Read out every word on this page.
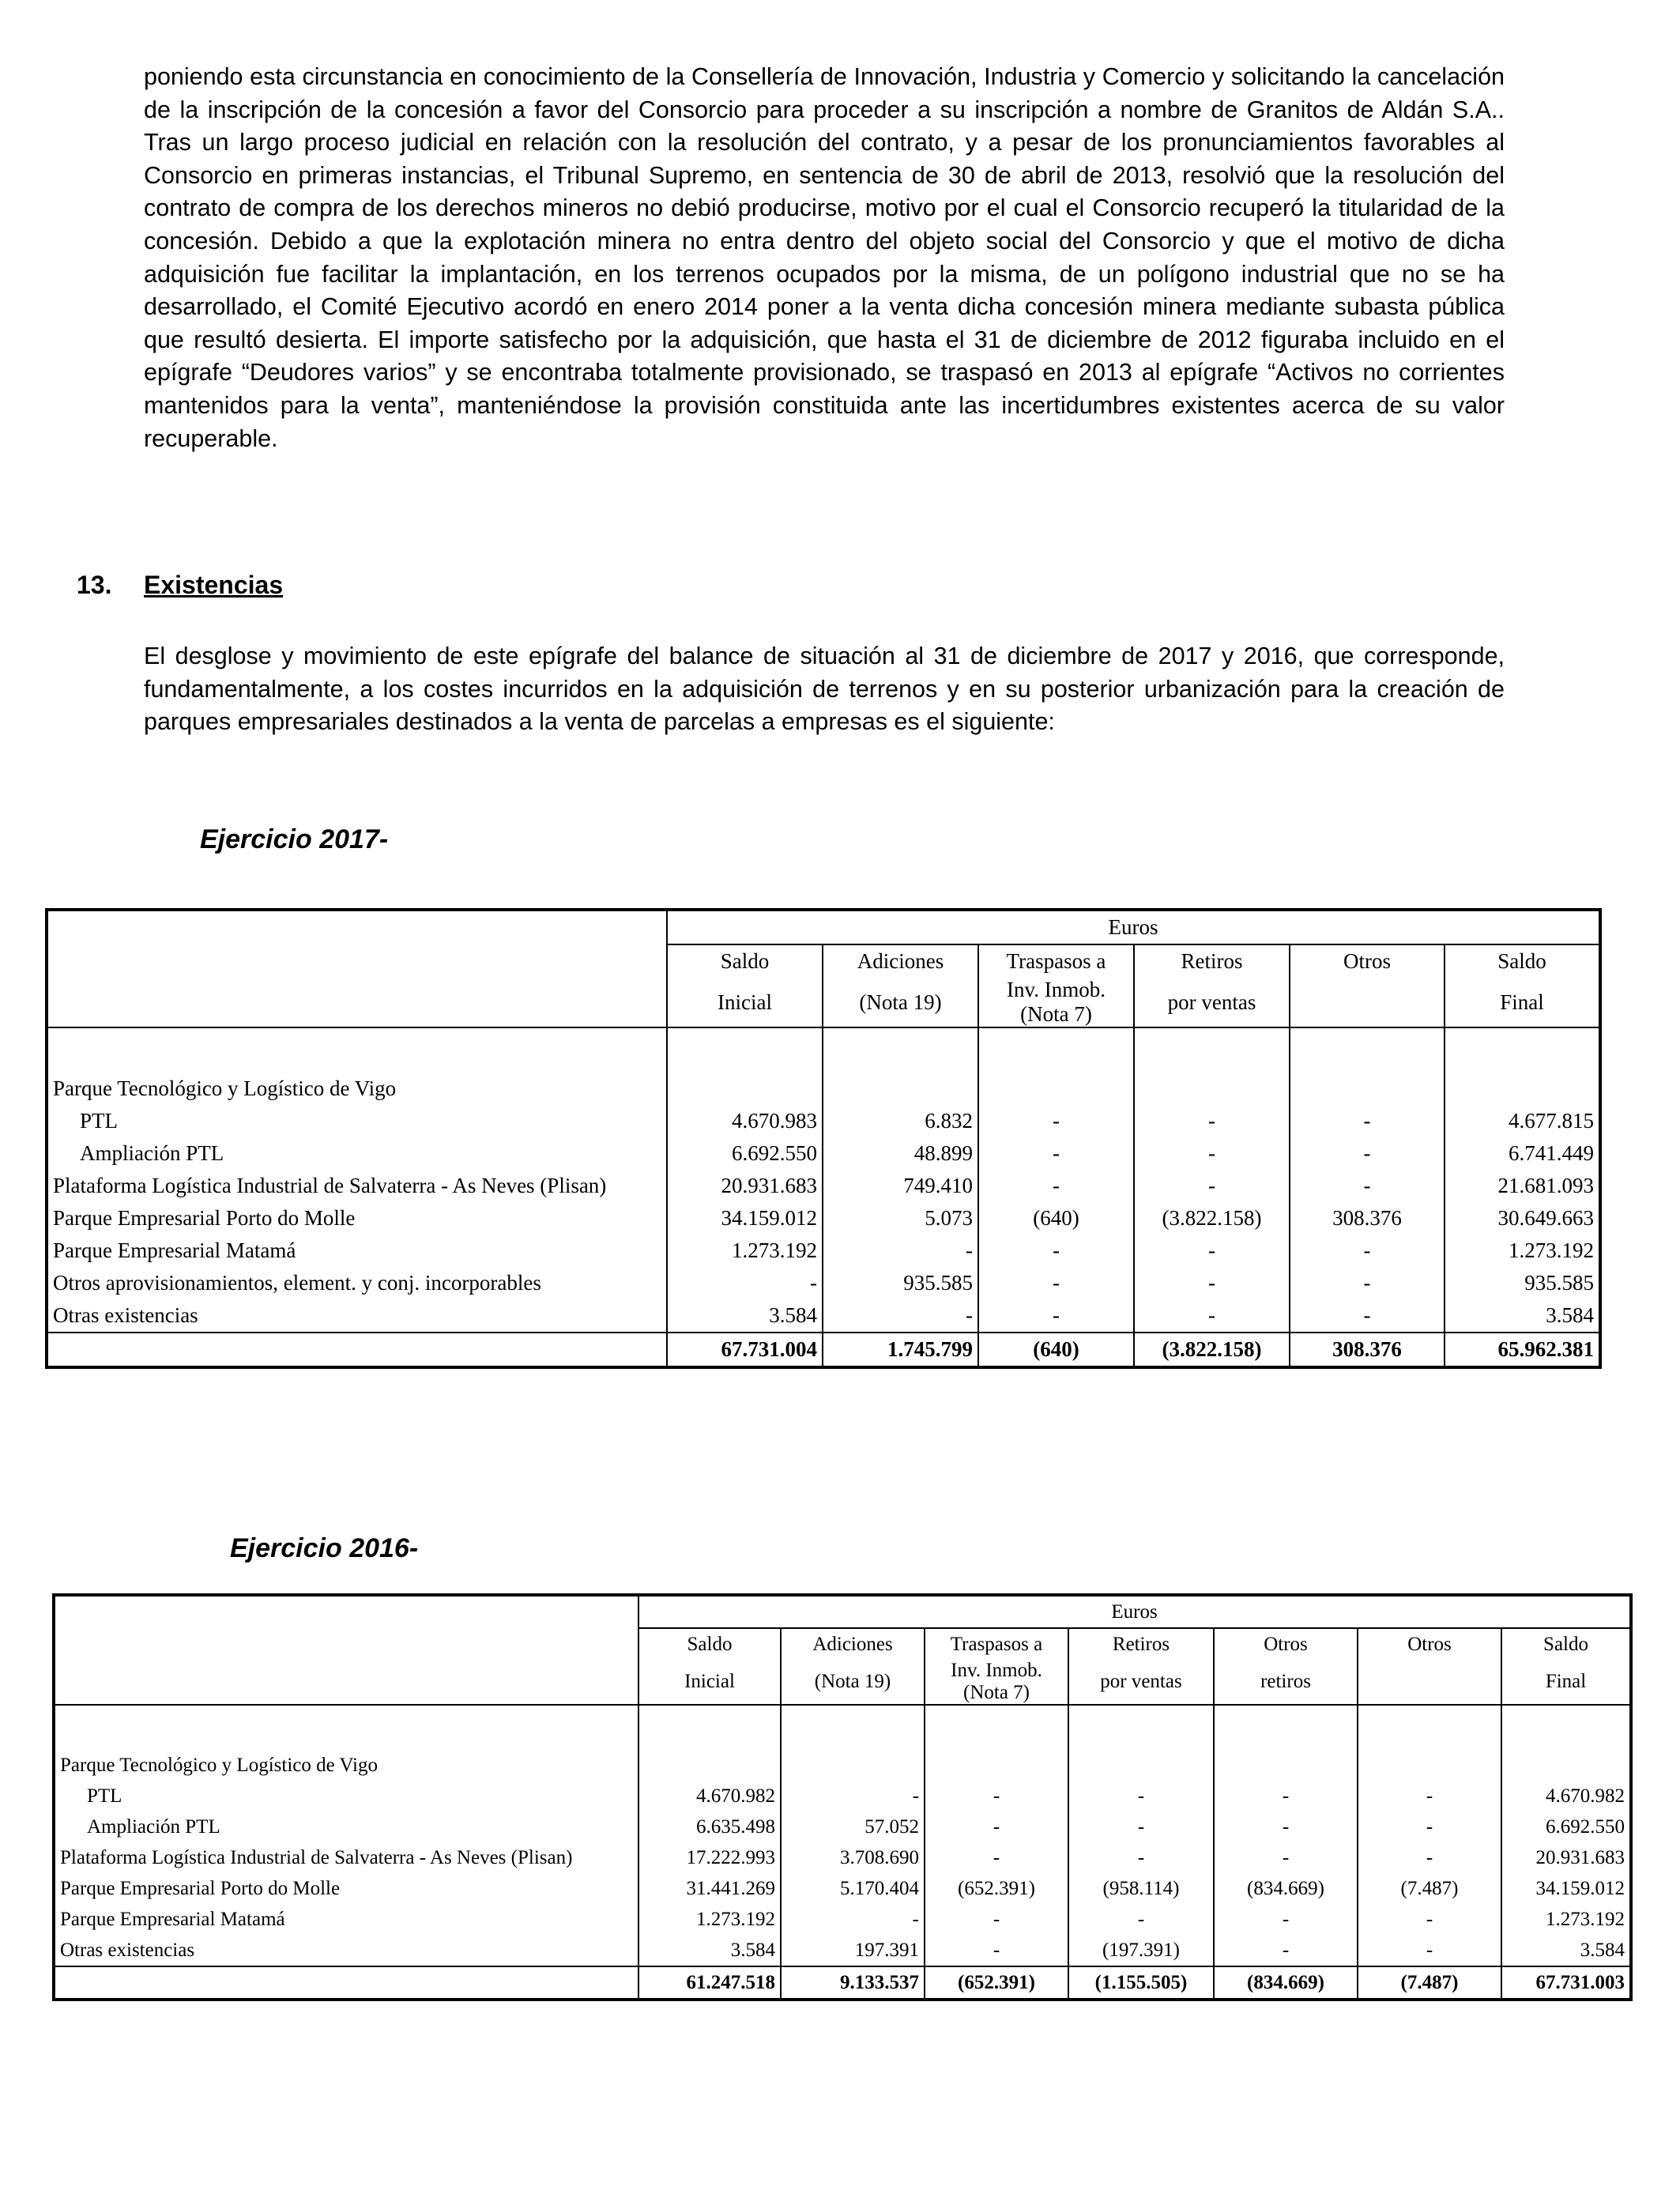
poniendo esta circunstancia en conocimiento de la Consellería de Innovación, Industria y Comercio y solicitando la cancelación de la inscripción de la concesión a favor del Consorcio para proceder a su inscripción a nombre de Granitos de Aldán S.A.. Tras un largo proceso judicial en relación con la resolución del contrato, y a pesar de los pronunciamientos favorables al Consorcio en primeras instancias, el Tribunal Supremo, en sentencia de 30 de abril de 2013, resolvió que la resolución del contrato de compra de los derechos mineros no debió producirse, motivo por el cual el Consorcio recuperó la titularidad de la concesión. Debido a que la explotación minera no entra dentro del objeto social del Consorcio y que el motivo de dicha adquisición fue facilitar la implantación, en los terrenos ocupados por la misma, de un polígono industrial que no se ha desarrollado, el Comité Ejecutivo acordó en enero 2014 poner a la venta dicha concesión minera mediante subasta pública que resultó desierta. El importe satisfecho por la adquisición, que hasta el 31 de diciembre de 2012 figuraba incluido en el epígrafe “Deudores varios” y se encontraba totalmente provisionado, se traspasó en 2013 al epígrafe “Activos no corrientes mantenidos para la venta”, manteniéndose la provisión constituida ante las incertidumbres existentes acerca de su valor recuperable.

13. Existencias

El desglose y movimiento de este epígrafe del balance de situación al 31 de diciembre de 2017 y 2016, que corresponde, fundamentalmente, a los costes incurridos en la adquisición de terrenos y en su posterior urbanización para la creación de parques empresariales destinados a la venta de parcelas a empresas es el siguiente:

Ejercicio 2017-
	Euros					
	Saldo	Adiciones	Traspasos a	Retiros	Otros	Saldo
	Inicial	(Nota 19)	Inv. Inmob. (Nota 7)	por ventas		Final

Parque Tecnológico y Logístico de Vigo						
PTL	4.670.983	6.832	-	-	-	4.677.815
Ampliación PTL	6.692.550	48.899	-	-	-	6.741.449
Plataforma Logística Industrial de Salvaterra - As Neves (Plisan)	20.931.683	749.410	-	-	-	21.681.093
Parque Empresarial Porto do Molle	34.159.012	5.073	(640)	(3.822.158)	308.376	30.649.663
Parque Empresarial Matamá	1.273.192	-	-	-	-	1.273.192
Otros aprovisionamientos, element. y conj. incorporables	-	935.585	-	-	-	935.585
Otras existencias	3.584	-	-	-	-	3.584
	67.731.004	1.745.799	(640)	(3.822.158)	308.376	65.962.381
Ejercicio 2016-
	Euros						
	Saldo	Adiciones	Traspasos a	Retiros	Otros	Otros	Saldo
	Inicial	(Nota 19)	Inv. Inmob. (Nota 7)	por ventas	retiros		Final

Parque Tecnológico y Logístico de Vigo							
PTL	4.670.982	-	-	-	-	-	4.670.982
Ampliación PTL	6.635.498	57.052	-	-	-	-	6.692.550
Plataforma Logística Industrial de Salvaterra - As Neves (Plisan)	17.222.993	3.708.690	-	-	-	-	20.931.683
Parque Empresarial Porto do Molle	31.441.269	5.170.404	(652.391)	(958.114)	(834.669)	(7.487)	34.159.012
Parque Empresarial Matamá	1.273.192	-	-	-	-	-	1.273.192
Otras existencias	3.584	197.391	-	(197.391)	-	-	3.584
	61.247.518	9.133.537	(652.391)	(1.155.505)	(834.669)	(7.487)	67.731.003
